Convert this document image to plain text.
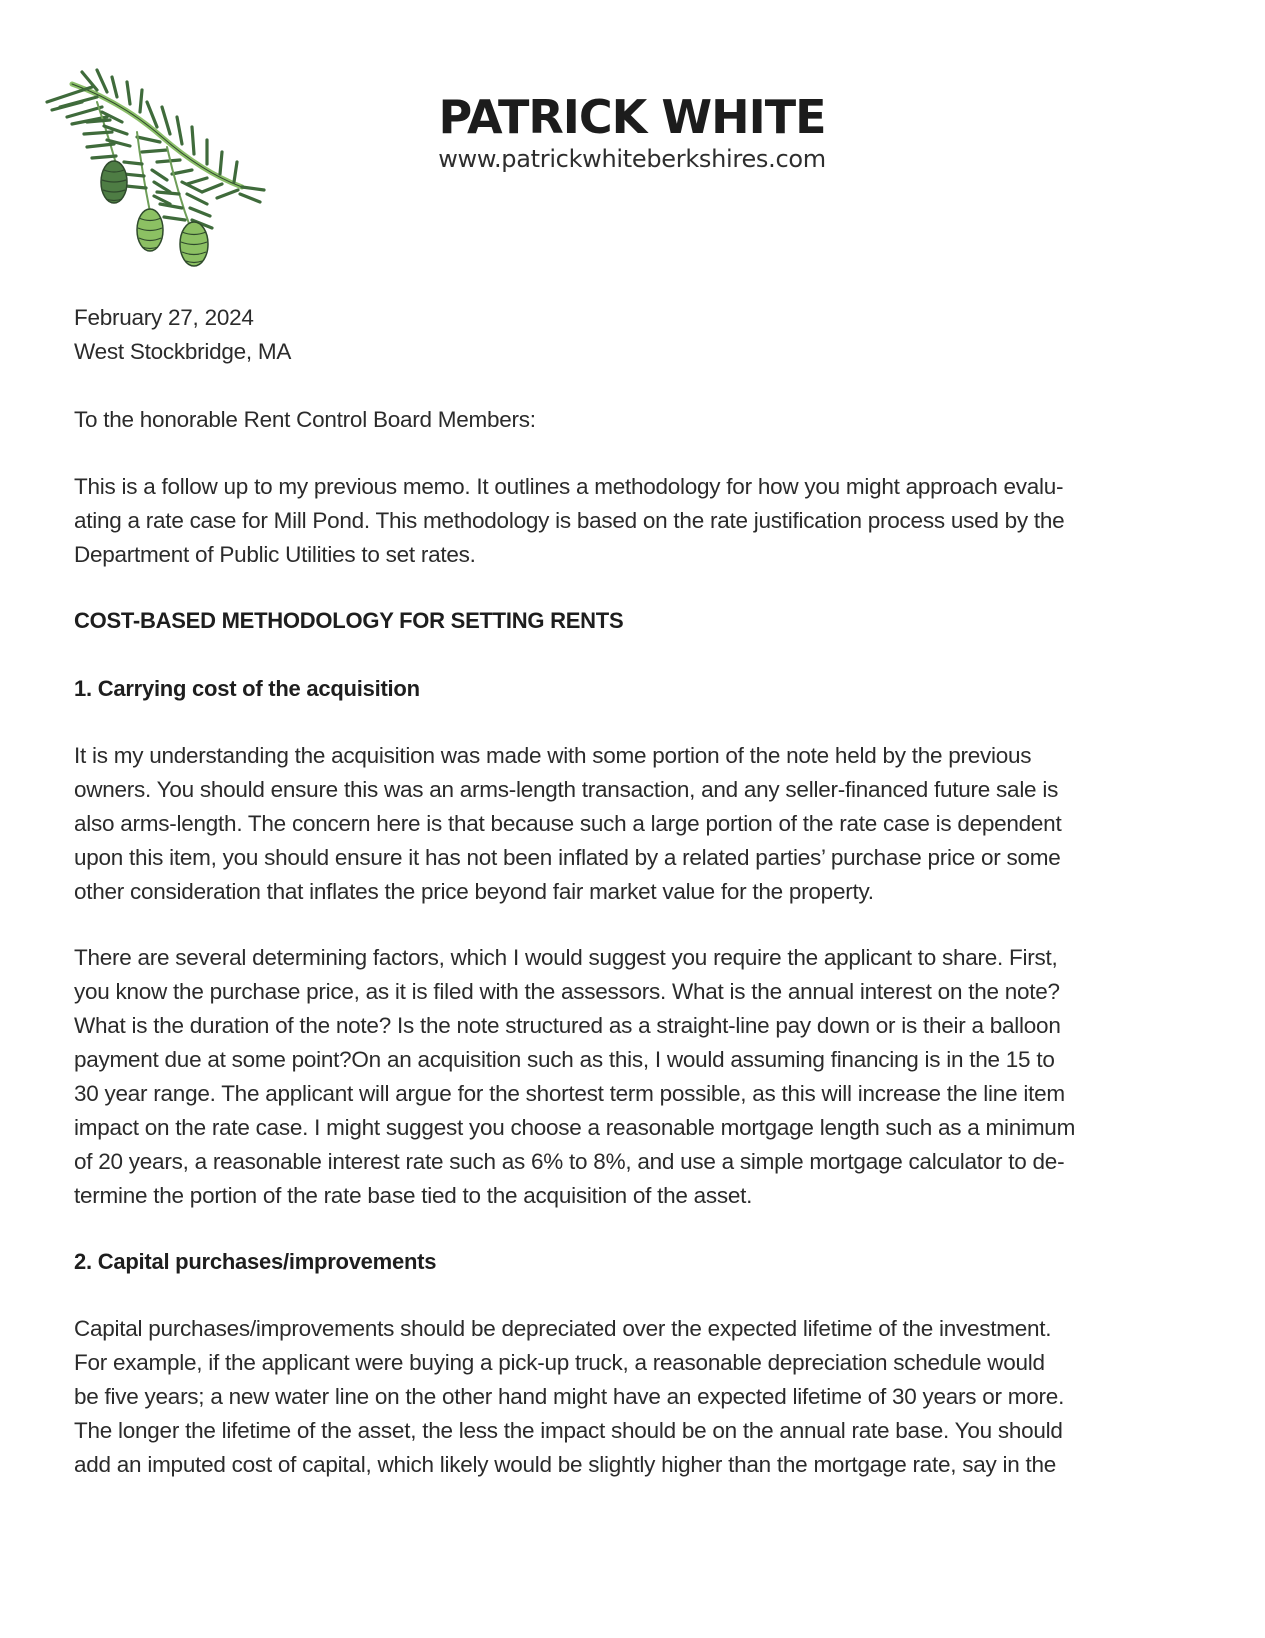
PATRICK WHITE
www.patrickwhiteberkshires.com
February 27, 2024
West Stockbridge, MA
To the honorable Rent Control Board Members:
This is a follow up to my previous memo. It outlines a methodology for how you might approach evalu-
ating a rate case for Mill Pond. This methodology is based on the rate justification process used by the
Department of Public Utilities to set rates.
COST-BASED METHODOLOGY FOR SETTING RENTS
1. Carrying cost of the acquisition
It is my understanding the acquisition was made with some portion of the note held by the previous
owners. You should ensure this was an arms-length transaction, and any seller-financed future sale is
also arms-length. The concern here is that because such a large portion of the rate case is dependent
upon this item, you should ensure it has not been inflated by a related parties’ purchase price or some
other consideration that inflates the price beyond fair market value for the property.
There are several determining factors, which I would suggest you require the applicant to share. First,
you know the purchase price, as it is filed with the assessors. What is the annual interest on the note?
What is the duration of the note? Is the note structured as a straight-line pay down or is their a balloon
payment due at some point?On an acquisition such as this, I would assuming financing is in the 15 to
30 year range. The applicant will argue for the shortest term possible, as this will increase the line item
impact on the rate case. I might suggest you choose a reasonable mortgage length such as a minimum
of 20 years, a reasonable interest rate such as 6% to 8%, and use a simple mortgage calculator to de-
termine the portion of the rate base tied to the acquisition of the asset.
2. Capital purchases/improvements
Capital purchases/improvements should be depreciated over the expected lifetime of the investment.
For example, if the applicant were buying a pick-up truck, a reasonable depreciation schedule would
be five years; a new water line on the other hand might have an expected lifetime of 30 years or more.
The longer the lifetime of the asset, the less the impact should be on the annual rate base. You should
add an imputed cost of capital, which likely would be slightly higher than the mortgage rate, say in the
